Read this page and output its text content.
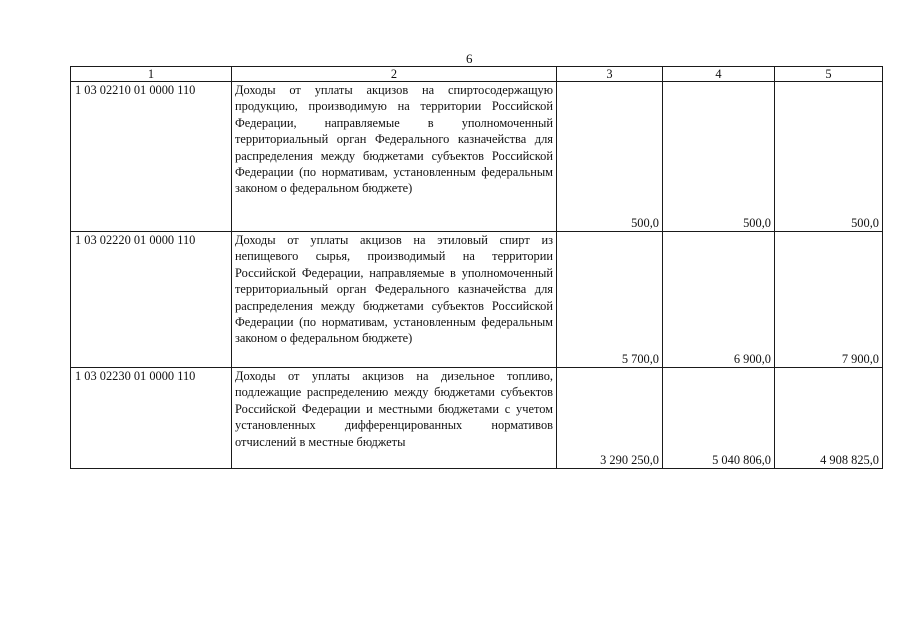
6
1	2	3	4	5
1 03 02210 01 0000 110	Доходы от уплаты акцизов на спиртосодержащую продукцию, производимую на территории Российской Федерации, направляемые в уполномоченный территориальный орган Федерального казначейства для распределения между бюджетами субъектов Российской Федерации (по нормативам, установленным федеральным законом о федеральном бюджете)	500,0	500,0	500,0
1 03 02220 01 0000 110	Доходы от уплаты акцизов на этиловый спирт из непищевого сырья, производимый на территории Российской Федерации, направляемые в уполномоченный территориальный орган Федерального казначейства для распределения между бюджетами субъектов Российской Федерации (по нормативам, установленным федеральным законом о федеральном бюджете)	5 700,0	6 900,0	7 900,0
1 03 02230 01 0000 110	Доходы от уплаты акцизов на дизельное топливо, подлежащие распределению между бюджетами субъектов Российской Федерации и местными бюджетами с учетом установленных дифференцированных нормативов отчислений в местные бюджеты	3 290 250,0	5 040 806,0	4 908 825,0
